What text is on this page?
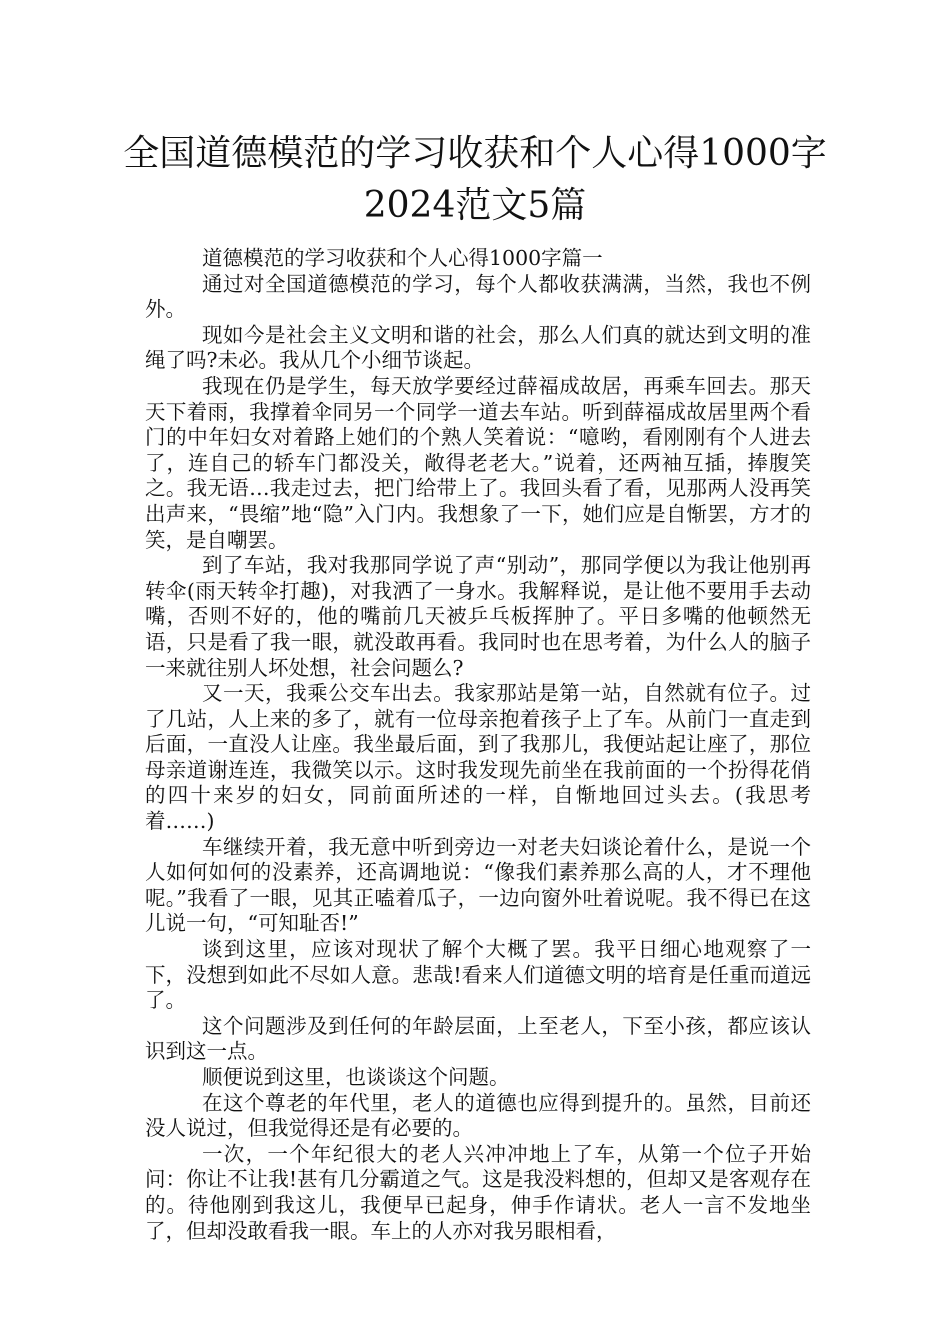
全国道德模范的学习收获和个人心得1000字2024范文5篇

道德模范的学习收获和个人心得1000字篇一

通过对全国道德模范的学习，每个人都收获满满，当然，我也不例外。

现如今是社会主义文明和谐的社会，那么人们真的就达到文明的准绳了吗?未必。我从几个小细节谈起。

我现在仍是学生，每天放学要经过薛福成故居，再乘车回去。那天天下着雨，我撑着伞同另一个同学一道去车站。听到薛福成故居里两个看门的中年妇女对着路上她们的个熟人笑着说：“噫哟，看刚刚有个人进去了，连自己的轿车门都没关，敞得老老大。”说着，还两袖互插，捧腹笑之。我无语…我走过去，把门给带上了。我回头看了看，见那两人没再笑出声来，“畏缩”地“隐”入门内。我想象了一下，她们应是自惭罢，方才的笑，是自嘲罢。

到了车站，我对我那同学说了声“别动”，那同学便以为我让他别再转伞(雨天转伞打趣)，对我洒了一身水。我解释说，是让他不要用手去动嘴，否则不好的，他的嘴前几天被乒乓板挥肿了。平日多嘴的他顿然无语，只是看了我一眼，就没敢再看。我同时也在思考着，为什么人的脑子一来就往别人坏处想，社会问题么?

又一天，我乘公交车出去。我家那站是第一站，自然就有位子。过了几站，人上来的多了，就有一位母亲抱着孩子上了车。从前门一直走到后面，一直没人让座。我坐最后面，到了我那儿，我便站起让座了，那位母亲道谢连连，我微笑以示。这时我发现先前坐在我前面的一个扮得花俏的四十来岁的妇女，同前面所述的一样，自惭地回过头去。(我思考着……)

车继续开着，我无意中听到旁边一对老夫妇谈论着什么，是说一个人如何如何的没素养，还高调地说：“像我们素养那么高的人，才不理他呢。”我看了一眼，见其正嗑着瓜子，一边向窗外吐着说呢。我不得已在这儿说一句，“可知耻否!”

谈到这里，应该对现状了解个大概了罢。我平日细心地观察了一下，没想到如此不尽如人意。悲哉!看来人们道德文明的培育是任重而道远了。

这个问题涉及到任何的年龄层面，上至老人，下至小孩，都应该认识到这一点。

顺便说到这里，也谈谈这个问题。

在这个尊老的年代里，老人的道德也应得到提升的。虽然，目前还没人说过，但我觉得还是有必要的。

一次，一个年纪很大的老人兴冲冲地上了车，从第一个位子开始问：你让不让我!甚有几分霸道之气。这是我没料想的，但却又是客观存在的。待他刚到我这儿，我便早已起身，伸手作请状。老人一言不发地坐了，但却没敢看我一眼。车上的人亦对我另眼相看，
